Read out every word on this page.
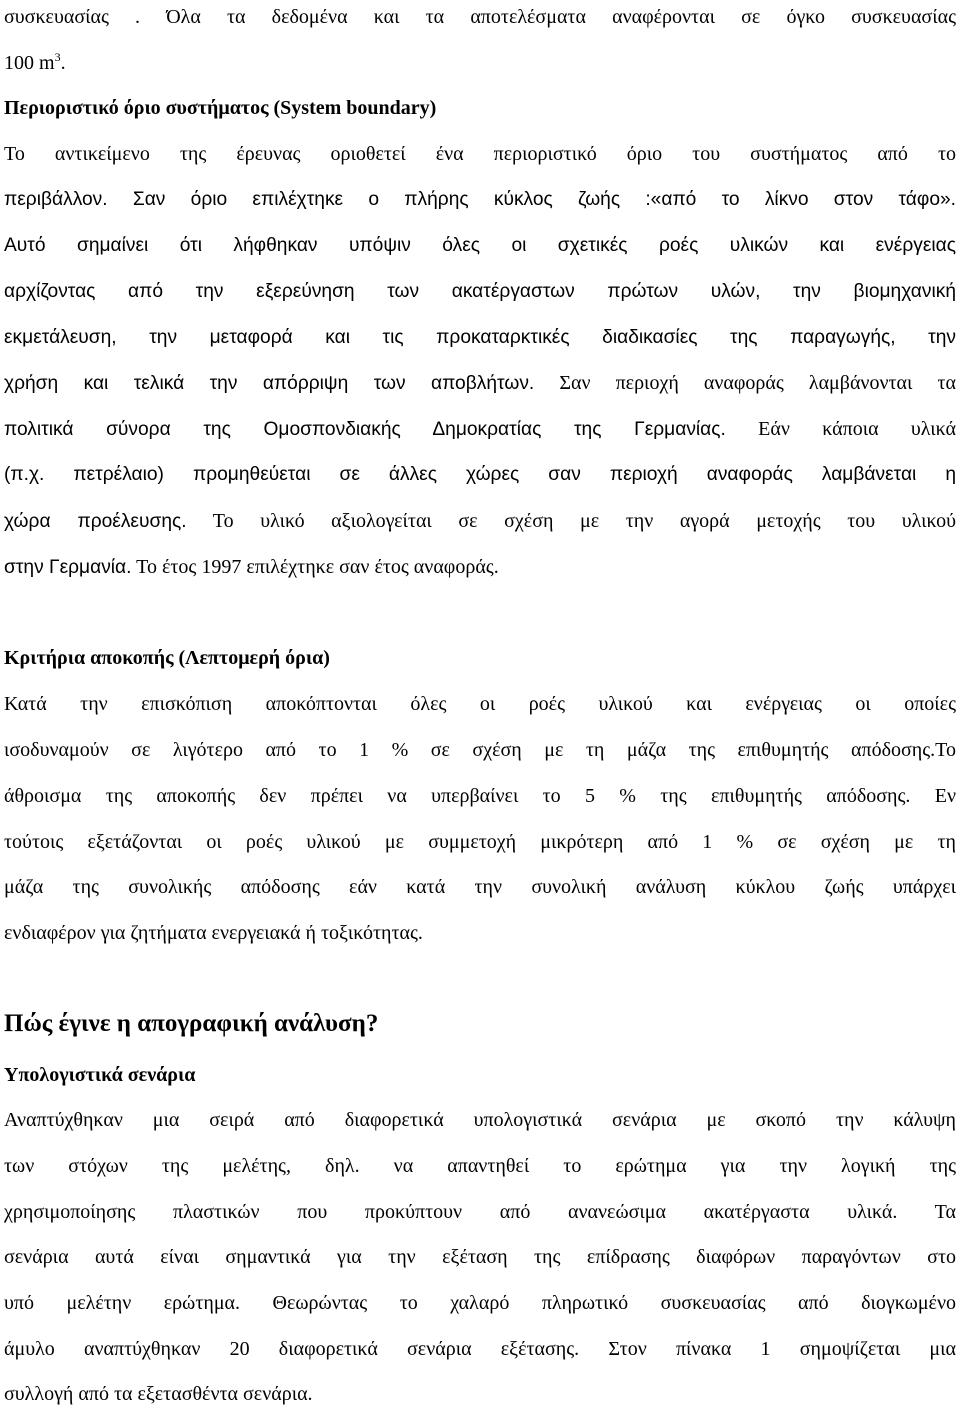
συσκευασίας . Όλα τα δεδομένα και τα αποτελέσματα αναφέρονται σε όγκο συσκευασίας
100 $m^3$.
Περιοριστικό όριο συστήματος (System boundary)
Το αντικείμενο της έρευνας οριοθετεί ένα περιοριστικό όριο του συστήματος από το
περιβάλλον. Σαν όριο επιλέχτηκε ο πλήρης κύκλος ζωής :«από το λίκνο στον τάφο».
Αυτό σημαίνει ότι λήφθηκαν υπόψιν όλες οι σχετικές ροές υλικών και ενέργειας
αρχίζοντας από την εξερεύνηση των ακατέργαστων πρώτων υλών, την βιομηχανική
εκμετάλευση, την μεταφορά και τις προκαταρκτικές διαδικασίες της παραγωγής, την
χρήση και τελικά την απόρριψη των αποβλήτων. Σαν περιοχή αναφοράς λαμβάνονται τα
πολιτικά σύνορα της Ομοσπονδιακής Δημοκρατίας της Γερμανίας. Εάν κάποια υλικά
(π.χ. πετρέλαιο) προμηθεύεται σε άλλες χώρες σαν περιοχή αναφοράς λαμβάνεται η
χώρα προέλευσης. Το υλικό αξιολογείται σε σχέση με την αγορά μετοχής του υλικού
στην Γερμανία. Το έτος 1997 επιλέχτηκε σαν έτος αναφοράς.
Κριτήρια αποκοπής (Λεπτομερή όρια)
Κατά την επισκόπιση αποκόπτονται όλες οι ροές υλικού και ενέργειας οι οποίες
ισοδυναμούν σε λιγότερο από το 1 % σε σχέση με τη μάζα της επιθυμητής απόδοσης.Το
άθροισμα της αποκοπής δεν πρέπει να υπερβαίνει το 5 % της επιθυμητής απόδοσης. Εν
τούτοις εξετάζονται οι ροές υλικού με συμμετοχή μικρότερη από 1 % σε σχέση με τη
μάζα της συνολικής απόδοσης εάν κατά την συνολική ανάλυση κύκλου ζωής υπάρχει
ενδιαφέρον για ζητήματα ενεργειακά ή τοξικότητας.
Πώς έγινε η απογραφική ανάλυση?
Υπολογιστικά σενάρια
Αναπτύχθηκαν μια σειρά από διαφορετικά υπολογιστικά σενάρια με σκοπό την κάλυψη
των στόχων της μελέτης, δηλ. να απαντηθεί το ερώτημα για την λογική της
χρησιμοποίησης πλαστικών που προκύπτουν από ανανεώσιμα ακατέργαστα υλικά. Τα
σενάρια αυτά είναι σημαντικά για την εξέταση της επίδρασης διαφόρων παραγόντων στο
υπό μελέτην ερώτημα. Θεωρώντας το χαλαρό πληρωτικό συσκευασίας από διογκωμένο
άμυλο αναπτύχθηκαν 20 διαφορετικά σενάρια εξέτασης. Στον πίνακα 1 σημοψίζεται μια
συλλογή από τα εξετασθέντα σενάρια.
